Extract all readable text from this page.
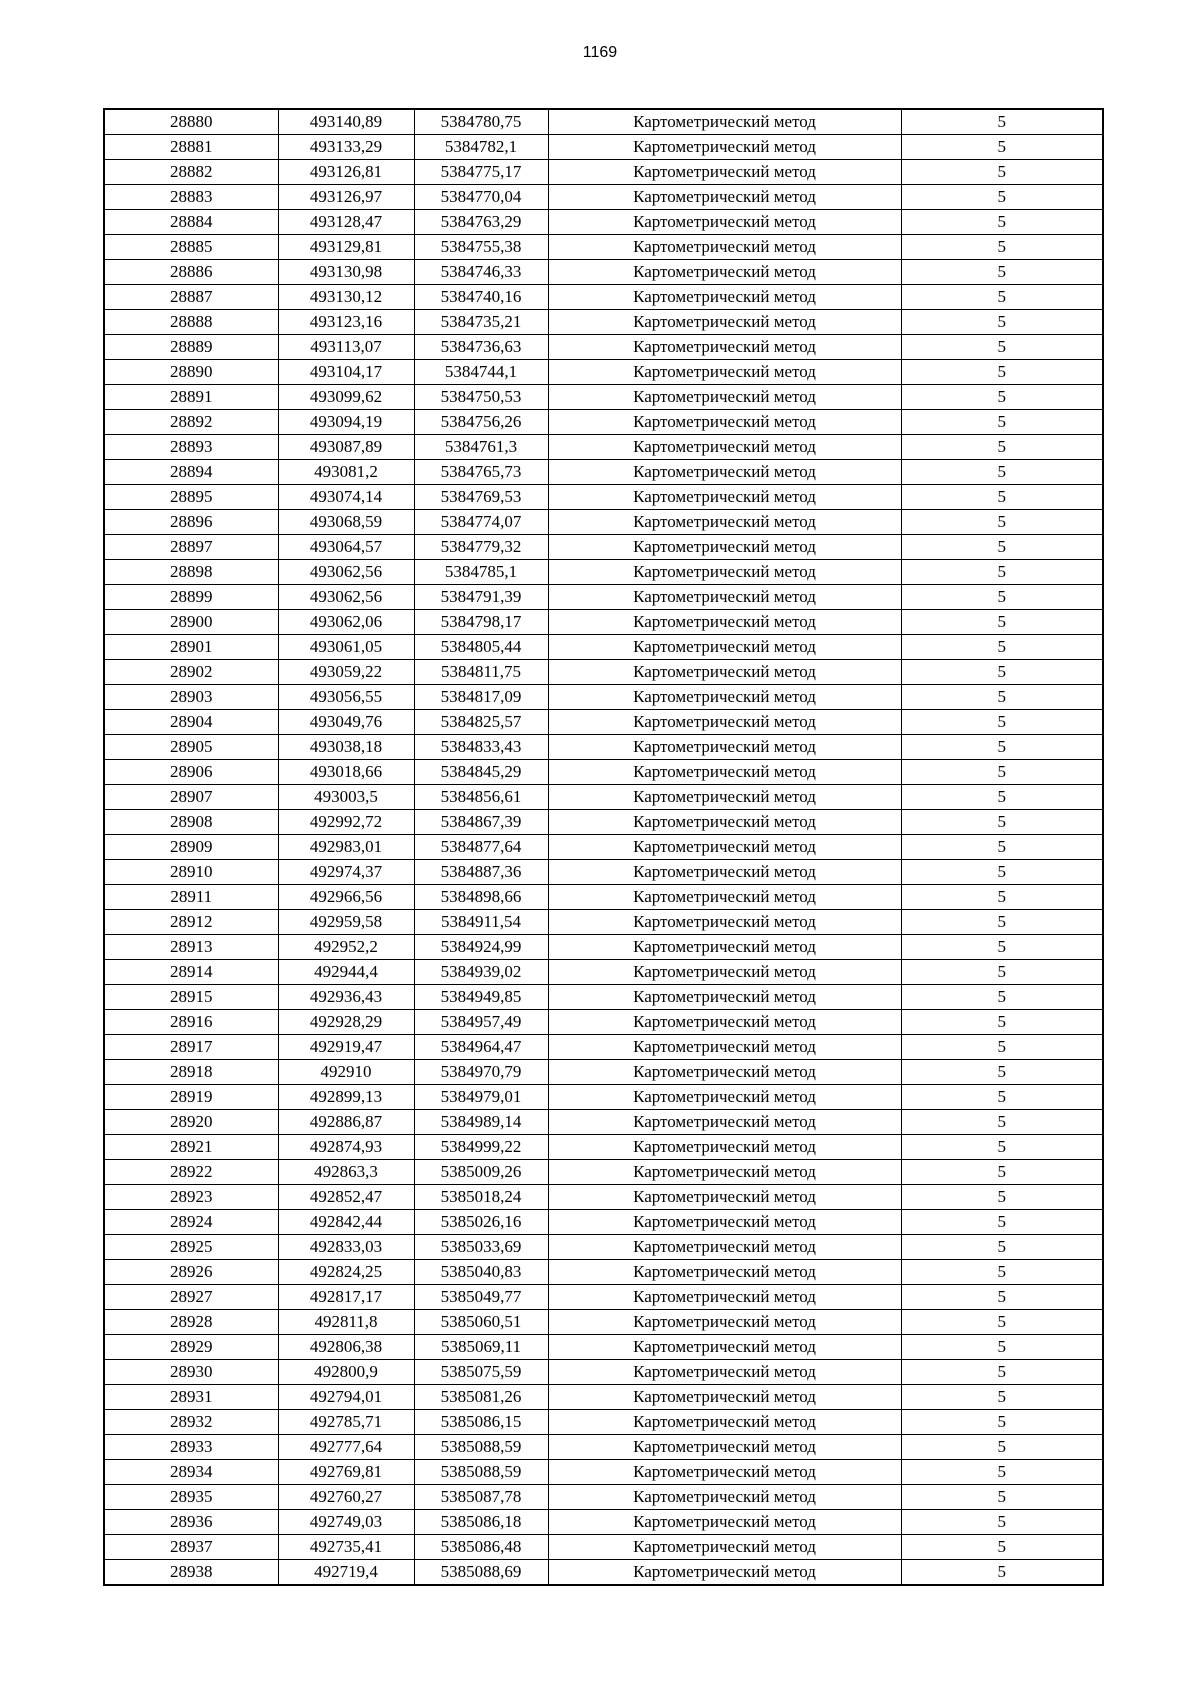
1169
28880	493140,89	5384780,75	Картометрический метод	5
28881	493133,29	5384782,1	Картометрический метод	5
28882	493126,81	5384775,17	Картометрический метод	5
28883	493126,97	5384770,04	Картометрический метод	5
28884	493128,47	5384763,29	Картометрический метод	5
28885	493129,81	5384755,38	Картометрический метод	5
28886	493130,98	5384746,33	Картометрический метод	5
28887	493130,12	5384740,16	Картометрический метод	5
28888	493123,16	5384735,21	Картометрический метод	5
28889	493113,07	5384736,63	Картометрический метод	5
28890	493104,17	5384744,1	Картометрический метод	5
28891	493099,62	5384750,53	Картометрический метод	5
28892	493094,19	5384756,26	Картометрический метод	5
28893	493087,89	5384761,3	Картометрический метод	5
28894	493081,2	5384765,73	Картометрический метод	5
28895	493074,14	5384769,53	Картометрический метод	5
28896	493068,59	5384774,07	Картометрический метод	5
28897	493064,57	5384779,32	Картометрический метод	5
28898	493062,56	5384785,1	Картометрический метод	5
28899	493062,56	5384791,39	Картометрический метод	5
28900	493062,06	5384798,17	Картометрический метод	5
28901	493061,05	5384805,44	Картометрический метод	5
28902	493059,22	5384811,75	Картометрический метод	5
28903	493056,55	5384817,09	Картометрический метод	5
28904	493049,76	5384825,57	Картометрический метод	5
28905	493038,18	5384833,43	Картометрический метод	5
28906	493018,66	5384845,29	Картометрический метод	5
28907	493003,5	5384856,61	Картометрический метод	5
28908	492992,72	5384867,39	Картометрический метод	5
28909	492983,01	5384877,64	Картометрический метод	5
28910	492974,37	5384887,36	Картометрический метод	5
28911	492966,56	5384898,66	Картометрический метод	5
28912	492959,58	5384911,54	Картометрический метод	5
28913	492952,2	5384924,99	Картометрический метод	5
28914	492944,4	5384939,02	Картометрический метод	5
28915	492936,43	5384949,85	Картометрический метод	5
28916	492928,29	5384957,49	Картометрический метод	5
28917	492919,47	5384964,47	Картометрический метод	5
28918	492910	5384970,79	Картометрический метод	5
28919	492899,13	5384979,01	Картометрический метод	5
28920	492886,87	5384989,14	Картометрический метод	5
28921	492874,93	5384999,22	Картометрический метод	5
28922	492863,3	5385009,26	Картометрический метод	5
28923	492852,47	5385018,24	Картометрический метод	5
28924	492842,44	5385026,16	Картометрический метод	5
28925	492833,03	5385033,69	Картометрический метод	5
28926	492824,25	5385040,83	Картометрический метод	5
28927	492817,17	5385049,77	Картометрический метод	5
28928	492811,8	5385060,51	Картометрический метод	5
28929	492806,38	5385069,11	Картометрический метод	5
28930	492800,9	5385075,59	Картометрический метод	5
28931	492794,01	5385081,26	Картометрический метод	5
28932	492785,71	5385086,15	Картометрический метод	5
28933	492777,64	5385088,59	Картометрический метод	5
28934	492769,81	5385088,59	Картометрический метод	5
28935	492760,27	5385087,78	Картометрический метод	5
28936	492749,03	5385086,18	Картометрический метод	5
28937	492735,41	5385086,48	Картометрический метод	5
28938	492719,4	5385088,69	Картометрический метод	5
